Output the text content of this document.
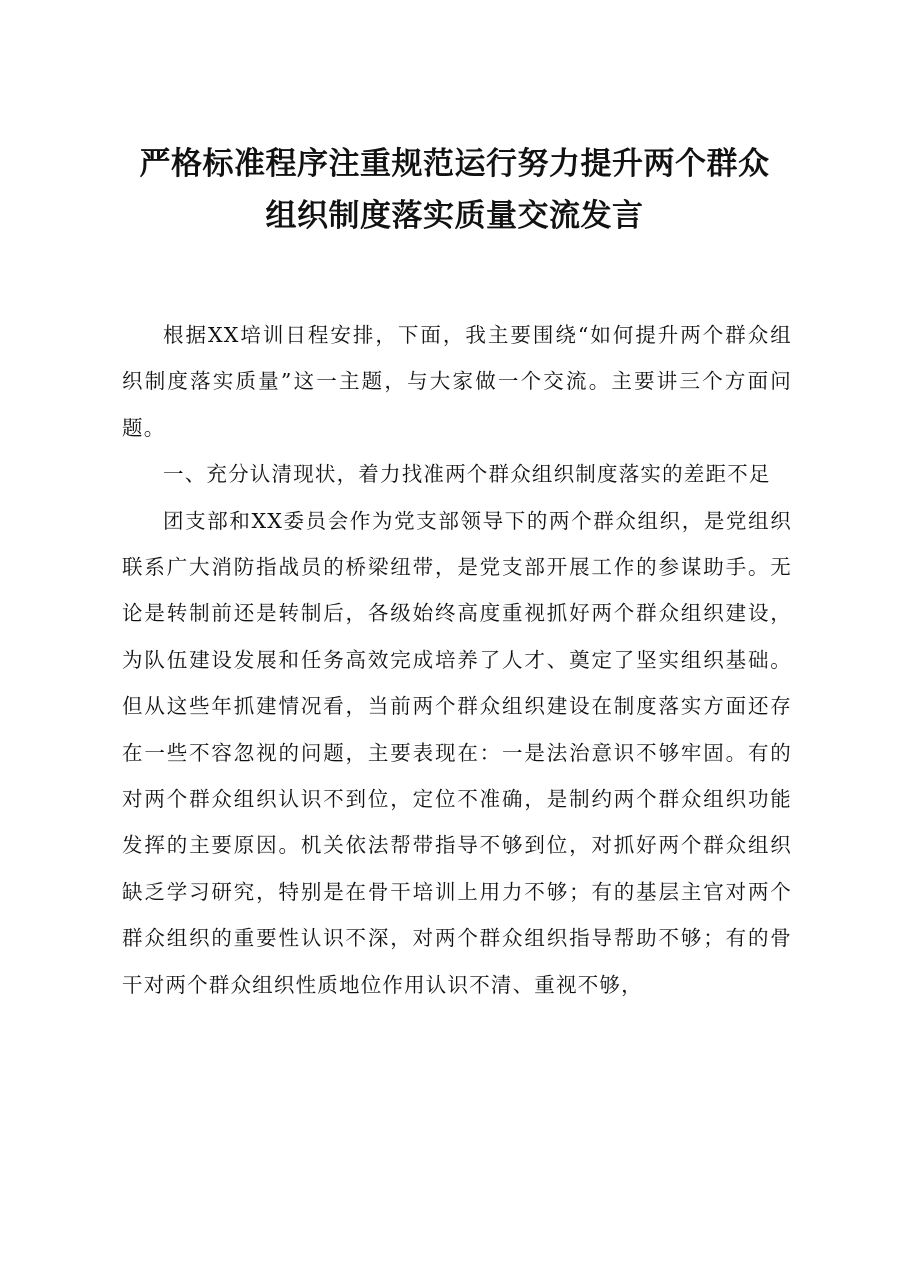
严格标准程序注重规范运行努力提升两个群众
组织制度落实质量交流发言

根据XX培训日程安排，下面，我主要围绕“如何提升两个群众组织制度落实质量”这一主题，与大家做一个交流。主要讲三个方面问题。

一、充分认清现状，着力找准两个群众组织制度落实的差距不足

团支部和XX委员会作为党支部领导下的两个群众组织，是党组织联系广大消防指战员的桥梁纽带，是党支部开展工作的参谋助手。无论是转制前还是转制后，各级始终高度重视抓好两个群众组织建设，为队伍建设发展和任务高效完成培养了人才、奠定了坚实组织基础。但从这些年抓建情况看，当前两个群众组织建设在制度落实方面还存在一些不容忽视的问题，主要表现在：一是法治意识不够牢固。有的对两个群众组织认识不到位，定位不准确，是制约两个群众组织功能发挥的主要原因。机关依法帮带指导不够到位，对抓好两个群众组织缺乏学习研究，特别是在骨干培训上用力不够；有的基层主官对两个群众组织的重要性认识不深，对两个群众组织指导帮助不够；有的骨干对两个群众组织性质地位作用认识不清、重视不够，
